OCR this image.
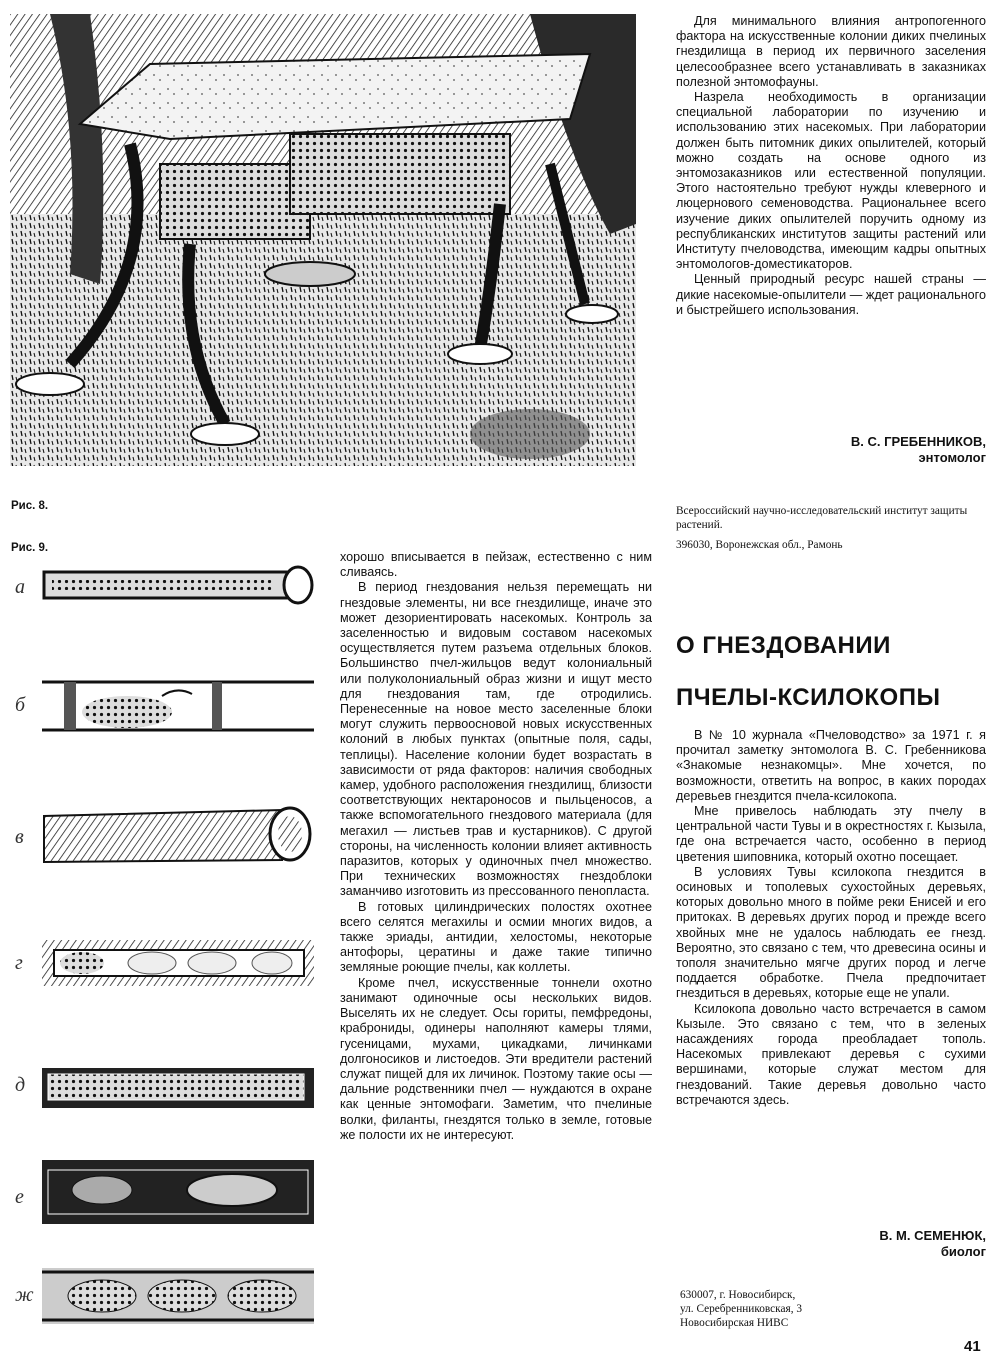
Рис. 8.
Рис. 9.
а
б
в
г
д
е
ж

Для минимального влияния антропогенного фактора на искусственные колонии диких пчелиных гнездилища в период их первичного заселения целесообразнее всего устанавливать в заказниках полезной энтомофауны.

Назрела необходимость в организации специальной лаборатории по изучению и использованию этих насекомых. При лаборатории должен быть питомник диких опылителей, который можно создать на основе одного из энтомозаказников или естественной популяции. Этого настоятельно требуют нужды клеверного и люцернового семеноводства. Рациональнее всего изучение диких опылителей поручить одному из республиканских институтов защиты растений или Институту пчеловодства, имеющим кадры опытных энтомологов-доместикаторов.

Ценный природный ресурс нашей страны — дикие насекомые-опылители — ждет рационального и быстрейшего использования.

В. С. ГРЕБЕННИКОВ,
энтомолог
Всероссийский научно-исследовательский институт защиты растений.
396030, Воронежская обл., Рамонь

хорошо вписывается в пейзаж, естественно с ним сливаясь.

В период гнездования нельзя перемещать ни гнездовые элементы, ни все гнездилище, иначе это может дезориентировать насекомых. Контроль за заселенностью и видовым составом насекомых осуществляется путем разъема отдельных блоков. Большинство пчел-жильцов ведут колониальный или полуколониальный образ жизни и ищут место для гнездования там, где отродились. Перенесенные на новое место заселенные блоки могут служить первоосновой новых искусственных колоний в любых пунктах (опытные поля, сады, теплицы). Население колонии будет возрастать в зависимости от ряда факторов: наличия свободных камер, удобного расположения гнездилищ, близости соответствующих нектароносов и пыльценосов, а также вспомогательного гнездового материала (для мегахил — листьев трав и кустарников). С другой стороны, на численность колонии влияет активность паразитов, которых у одиночных пчел множество. При технических возможностях гнездоблоки заманчиво изготовить из прессованного пенопласта.

В готовых цилиндрических полостях охотнее всего селятся мегахилы и осмии многих видов, а также эриады, антидии, хелостомы, некоторые антофоры, цератины и даже такие типично земляные роющие пчелы, как коллеты.

Кроме пчел, искусственные тоннели охотно занимают одиночные осы нескольких видов. Выселять их не следует. Осы гориты, пемфредоны, краброниды, одинеры наполняют камеры тлями, гусеницами, мухами, цикадками, личинками долгоносиков и листоедов. Эти вредители растений служат пищей для их личинок. Поэтому такие осы — дальние родственники пчел — нуждаются в охране как ценные энтомофаги. Заметим, что пчелиные волки, филанты, гнездятся только в земле, готовые же полости их не интересуют.

О ГНЕЗДОВАНИИ
ПЧЕЛЫ-КСИЛОКОПЫ

В № 10 журнала «Пчеловодство» за 1971 г. я прочитал заметку энтомолога В. С. Гребенникова «Знакомые незнакомцы». Мне хочется, по возможности, ответить на вопрос, в каких породах деревьев гнездится пчела-ксилокопа.

Мне привелось наблюдать эту пчелу в центральной части Тувы и в окрестностях г. Кызыла, где она встречается часто, особенно в период цветения шиповника, который охотно посещает.

В условиях Тувы ксилокопа гнездится в осиновых и тополевых сухостойных деревьях, которых довольно много в пойме реки Енисей и его притоках. В деревьях других пород и прежде всего хвойных мне не удалось наблюдать ее гнезд. Вероятно, это связано с тем, что древесина осины и тополя значительно мягче других пород и легче поддается обработке. Пчела предпочитает гнездиться в деревьях, которые еще не упали.

Ксилокопа довольно часто встречается в самом Кызыле. Это связано с тем, что в зеленых насаждениях города преобладает тополь. Насекомых привлекают деревья с сухими вершинами, которые служат местом для гнездований. Такие деревья довольно часто встречаются здесь.

В. М. СЕМЕНЮК,
биолог
630007, г. Новосибирск,
ул. Серебренниковская, 3
Новосибирская НИВС
41
